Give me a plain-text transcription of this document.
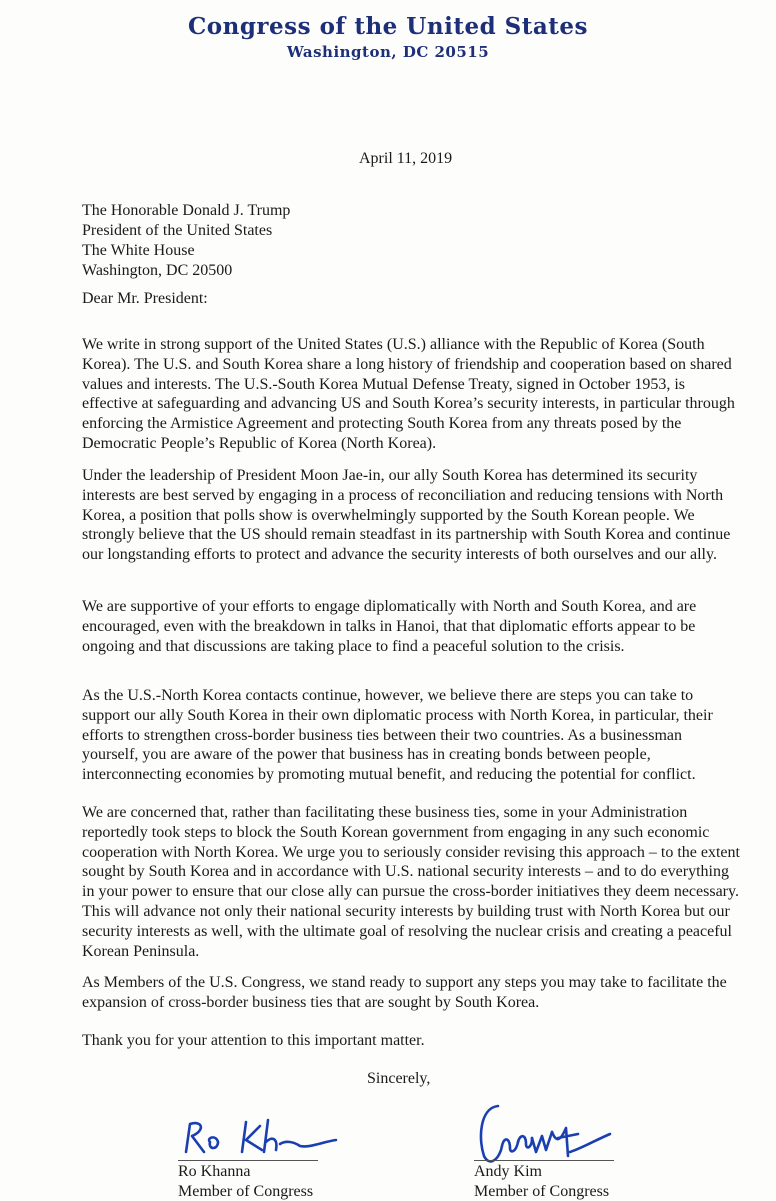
Congress of the United States
Washington, DC 20515
April 11, 2019
The Honorable Donald J. Trump
President of the United States
The White House
Washington, DC 20500
Dear Mr. President:
We write in strong support of the United States (U.S.) alliance with the Republic of Korea (South Korea). The U.S. and South Korea share a long history of friendship and cooperation based on shared values and interests. The U.S.-South Korea Mutual Defense Treaty, signed in October 1953, is effective at safeguarding and advancing US and South Korea’s security interests, in particular through enforcing the Armistice Agreement and protecting South Korea from any threats posed by the Democratic People’s Republic of Korea (North Korea).
Under the leadership of President Moon Jae-in, our ally South Korea has determined its security interests are best served by engaging in a process of reconciliation and reducing tensions with North Korea, a position that polls show is overwhelmingly supported by the South Korean people. We strongly believe that the US should remain steadfast in its partnership with South Korea and continue our longstanding efforts to protect and advance the security interests of both ourselves and our ally.
We are supportive of your efforts to engage diplomatically with North and South Korea, and are encouraged, even with the breakdown in talks in Hanoi, that that diplomatic efforts appear to be ongoing and that discussions are taking place to find a peaceful solution to the crisis.
As the U.S.-North Korea contacts continue, however, we believe there are steps you can take to support our ally South Korea in their own diplomatic process with North Korea, in particular, their efforts to strengthen cross-border business ties between their two countries. As a businessman yourself, you are aware of the power that business has in creating bonds between people, interconnecting economies by promoting mutual benefit, and reducing the potential for conflict.
We are concerned that, rather than facilitating these business ties, some in your Administration reportedly took steps to block the South Korean government from engaging in any such economic cooperation with North Korea. We urge you to seriously consider revising this approach – to the extent sought by South Korea and in accordance with U.S. national security interests – and to do everything in your power to ensure that our close ally can pursue the cross-border initiatives they deem necessary. This will advance not only their national security interests by building trust with North Korea but our security interests as well, with the ultimate goal of resolving the nuclear crisis and creating a peaceful Korean Peninsula.
As Members of the U.S. Congress, we stand ready to support any steps you may take to facilitate the expansion of cross-border business ties that are sought by South Korea.
Thank you for your attention to this important matter.
Sincerely,
Ro Khanna
Member of Congress
Andy Kim
Member of Congress
